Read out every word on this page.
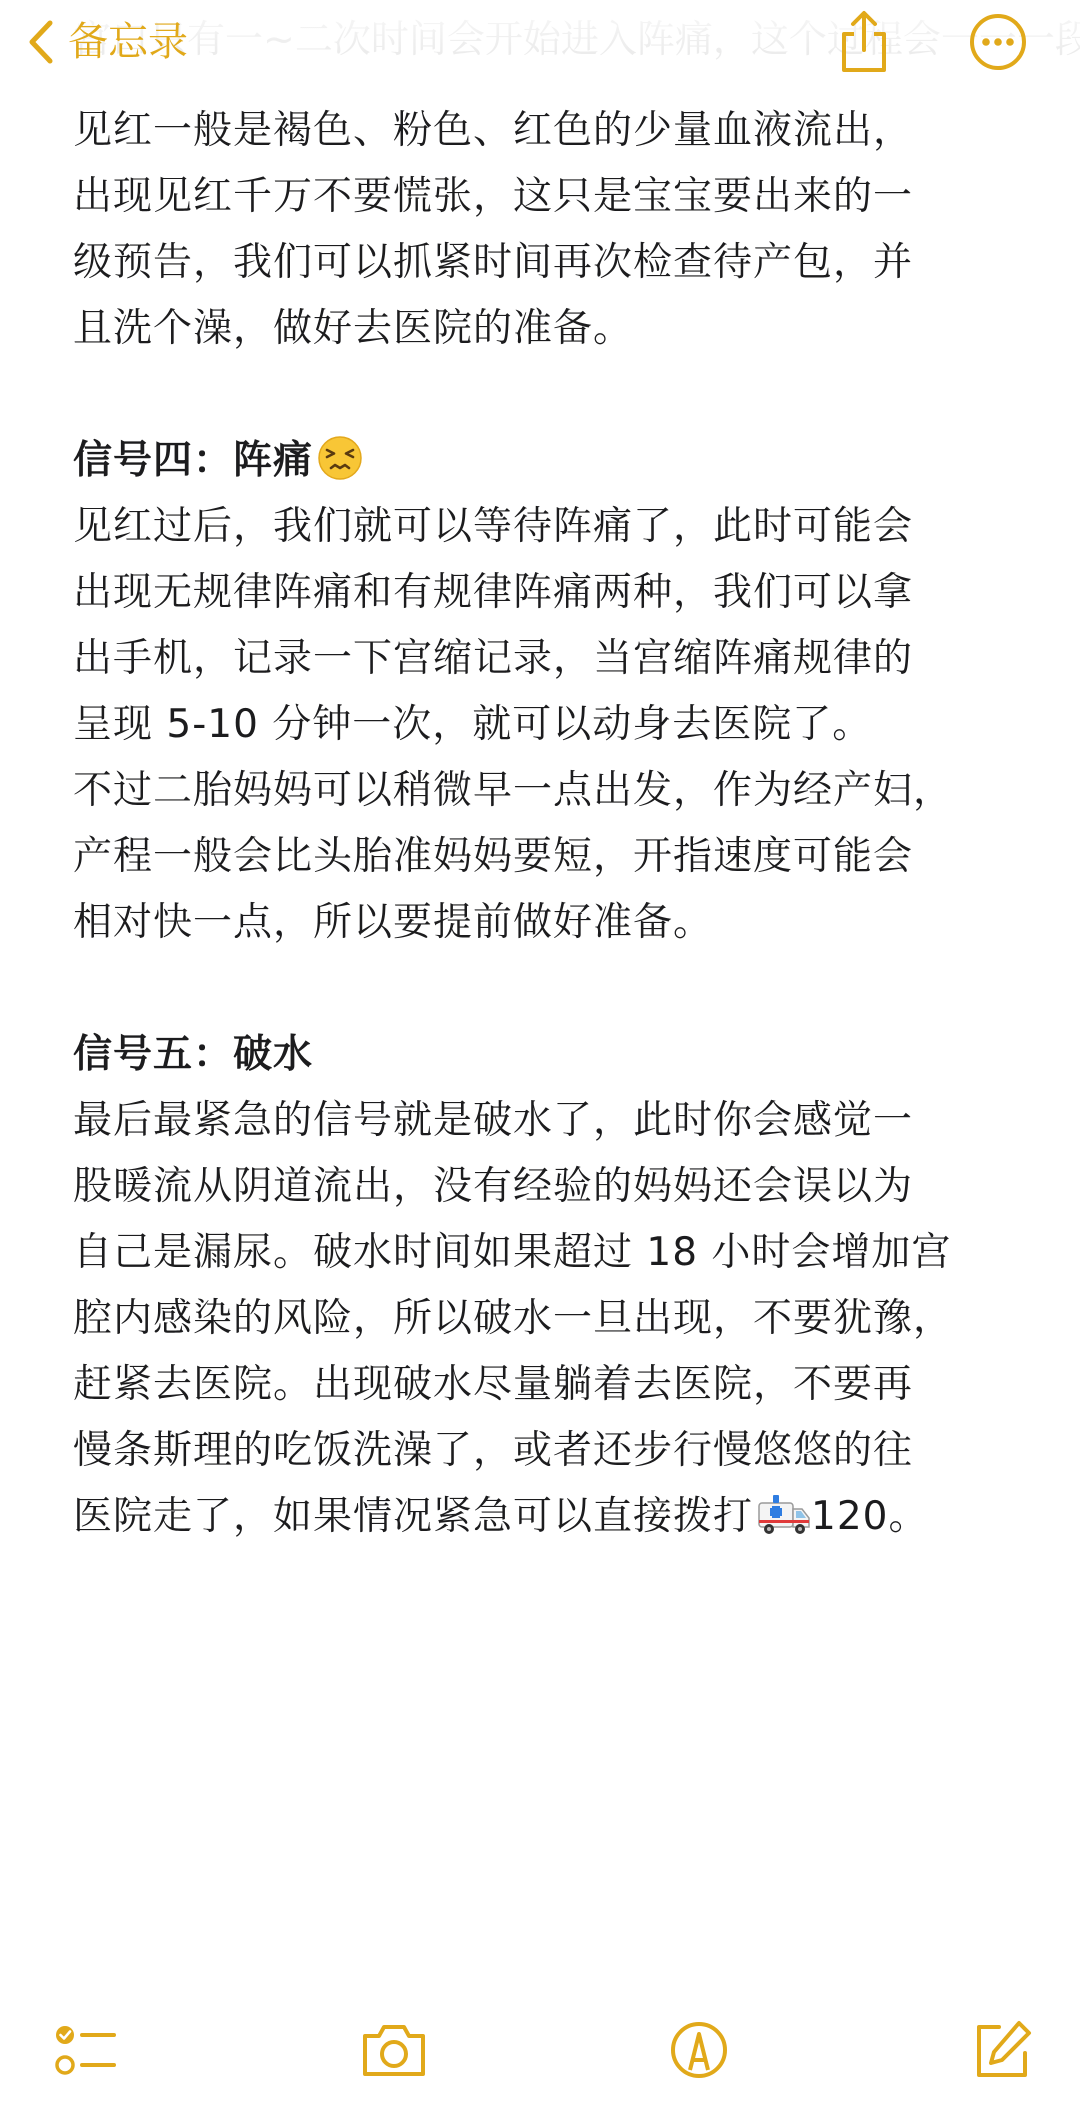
备忘录
见红一般是褐色、粉色、红色的少量血液流出，
出现见红千万不要慌张，这只是宝宝要出来的一
级预告，我们可以抓紧时间再次检查待产包，并
且洗个澡，做好去医院的准备。
信号四：阵痛
见红过后，我们就可以等待阵痛了，此时可能会
出现无规律阵痛和有规律阵痛两种，我们可以拿
出手机，记录一下宫缩记录，当宫缩阵痛规律的
呈现 5-10 分钟一次，就可以动身去医院了。
不过二胎妈妈可以稍微早一点出发，作为经产妇，
产程一般会比头胎准妈妈要短，开指速度可能会
相对快一点，所以要提前做好准备。
信号五：破水
最后最紧急的信号就是破水了，此时你会感觉一
股暖流从阴道流出，没有经验的妈妈还会误以为
自己是漏尿。破水时间如果超过 18 小时会增加宫
腔内感染的风险，所以破水一旦出现，不要犹豫，
赶紧去医院。出现破水尽量躺着去医院，不要再
慢条斯理的吃饭洗澡了，或者还步行慢悠悠的往
医院走了，如果情况紧急可以直接拨打 120。
